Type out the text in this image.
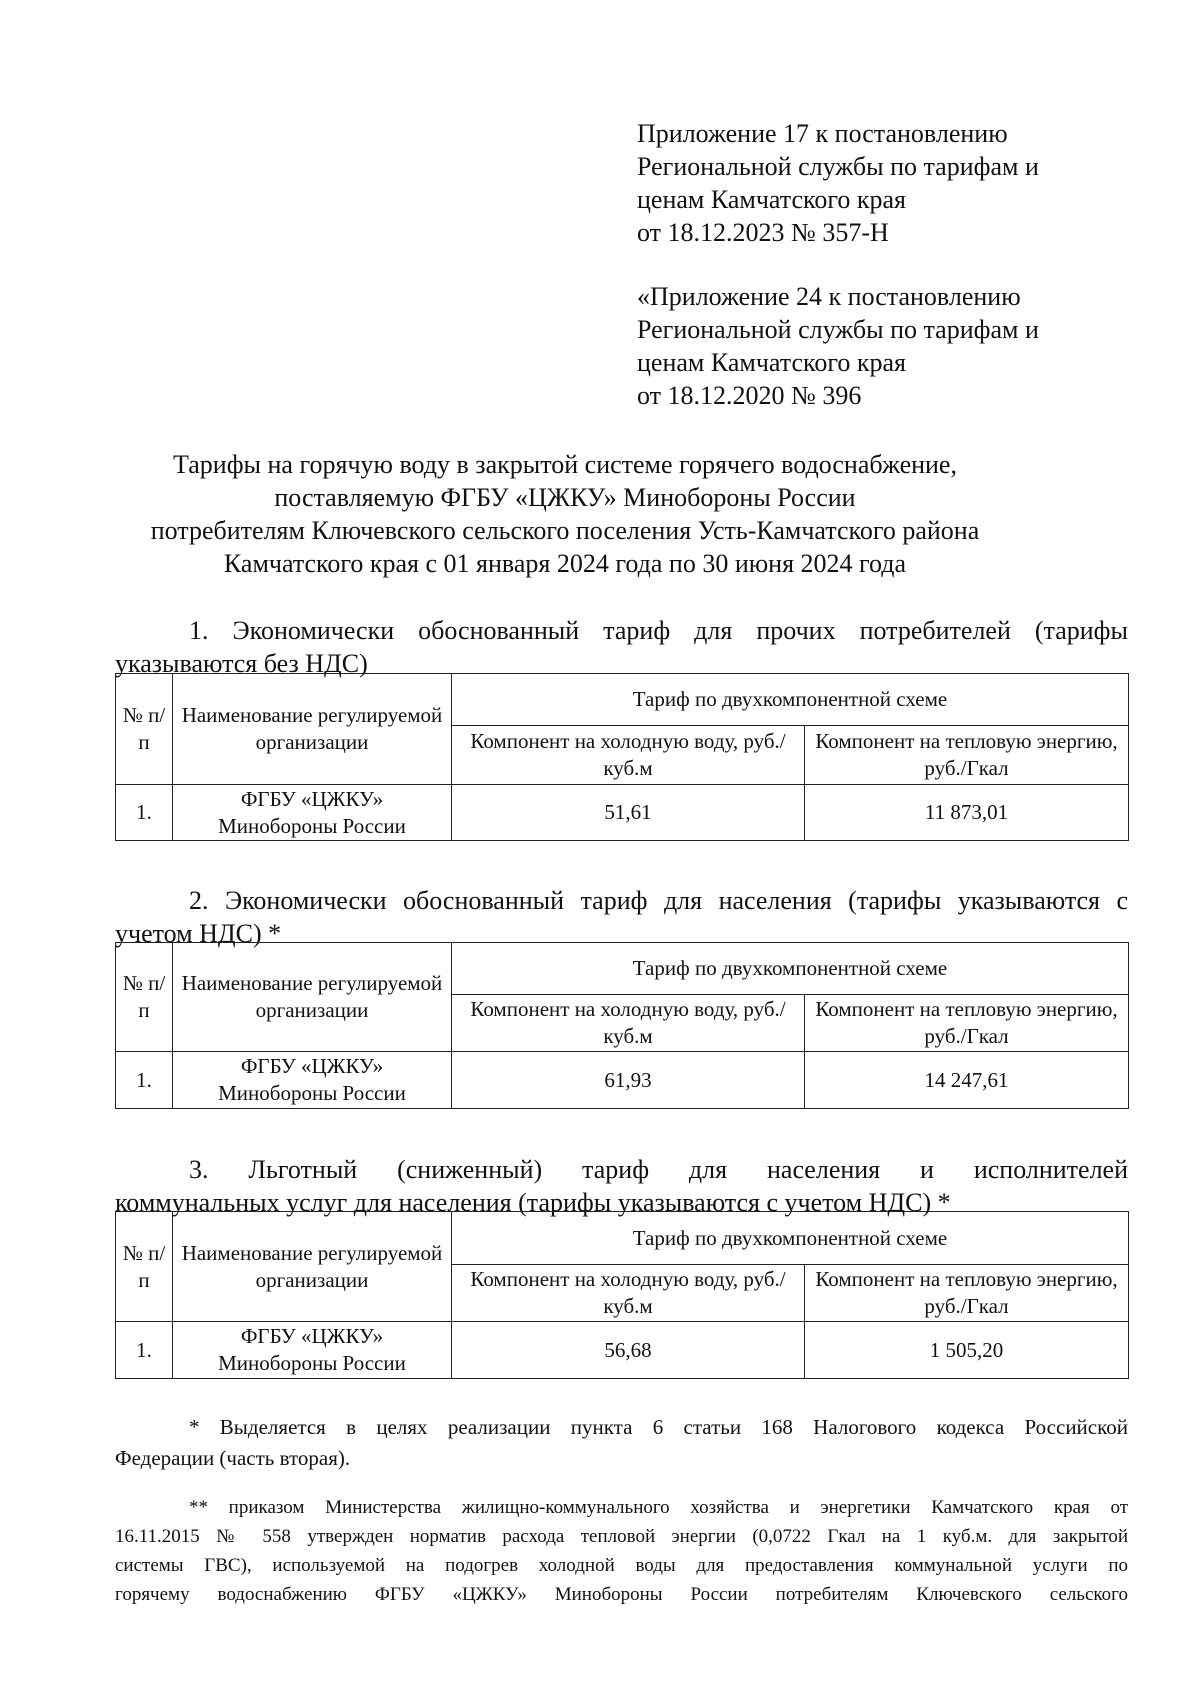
Приложение 17 к постановлению
Региональной службы по тарифам и
ценам Камчатского края
от 18.12.2023 № 357-Н
«Приложение 24 к постановлению
Региональной службы по тарифам и
ценам Камчатского края
от 18.12.2020 № 396
Тарифы на горячую воду в закрытой системе горячего водоснабжение,
поставляемую ФГБУ «ЦЖКУ» Минобороны России
потребителям Ключевского сельского поселения Усть-Камчатского района
Камчатского края с 01 января 2024 года по 30 июня 2024 года
1. Экономически обоснованный тариф для прочих потребителей (тарифы
указываются без НДС)
№ п/п	Наименование регулируемой организации	Тариф по двухкомпонентной схеме	
		Компонент на холодную воду, руб./куб.м	Компонент на тепловую энергию, руб./Гкал
1.	ФГБУ «ЦЖКУ» Минобороны России	51,61	11 873,01
2. Экономически обоснованный тариф для населения (тарифы указываются с
учетом НДС) *
№ п/п	Наименование регулируемой организации	Тариф по двухкомпонентной схеме	
		Компонент на холодную воду, руб./куб.м	Компонент на тепловую энергию, руб./Гкал
1.	ФГБУ «ЦЖКУ» Минобороны России	61,93	14 247,61
3. Льготный (сниженный) тариф для населения и исполнителей
коммунальных услуг для населения (тарифы указываются с учетом НДС) *
№ п/п	Наименование регулируемой организации	Тариф по двухкомпонентной схеме	
		Компонент на холодную воду, руб./куб.м	Компонент на тепловую энергию, руб./Гкал
1.	ФГБУ «ЦЖКУ» Минобороны России	56,68	1 505,20
* Выделяется в целях реализации пункта 6 статьи 168 Налогового кодекса Российской
Федерации (часть вторая).
** приказом Министерства жилищно-коммунального хозяйства и энергетики Камчатского края от
16.11.2015 № 558 утвержден норматив расхода тепловой энергии (0,0722 Гкал на 1 куб.м. для закрытой
системы ГВС), используемой на подогрев холодной воды для предоставления коммунальной услуги по
горячему водоснабжению ФГБУ «ЦЖКУ» Минобороны России потребителям Ключевского сельского
